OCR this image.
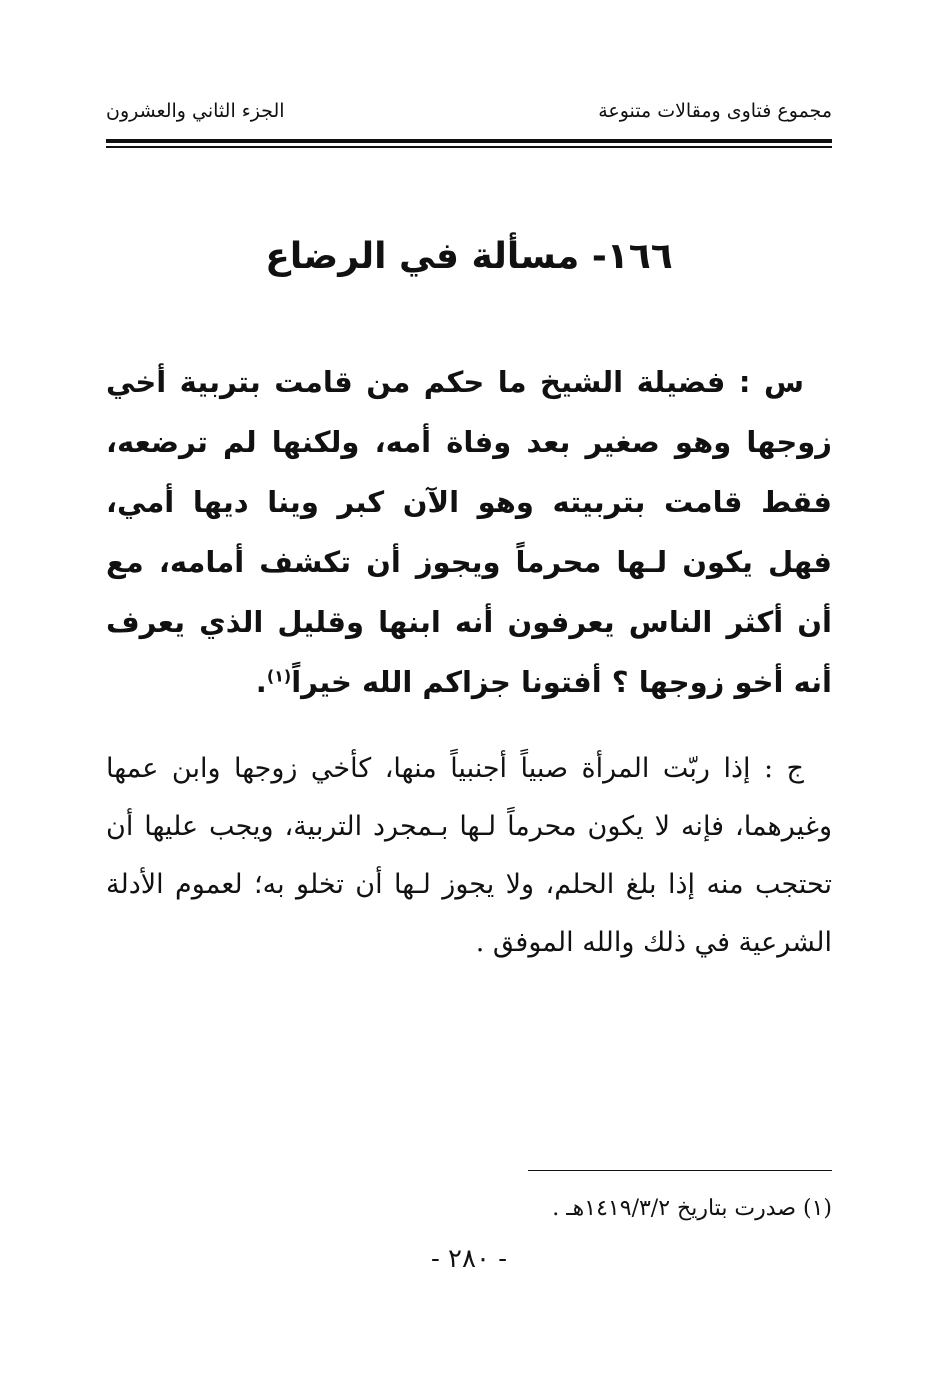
مجموع فتاوى ومقالات متنوعة
الجزء الثاني والعشرون
١٦٦- مسألة في الرضاع

س : فضيلة الشيخ ما حكم من قامت بتربية أخي زوجها وهو صغير بعد وفاة أمه، ولكنها لم ترضعه، فقط قامت بتربيته وهو الآن كبر وينا ديها أمي، فهل يكون لـها محرماً ويجوز أن تكشف أمامه، مع أن أكثر الناس يعرفون أنه ابنها وقليل الذي يعرف أنه أخو زوجها ؟ أفتونا جزاكم الله خيراً$^{(١)}$.

ج : إذا ربّت المرأة صبياً أجنبياً منها، كأخي زوجها وابن عمها وغيرهما، فإنه لا يكون محرماً لـها بـمجرد التربية، ويجب عليها أن تحتجب منه إذا بلغ الحلم، ولا يجوز لـها أن تخلو به؛ لعموم الأدلة الشرعية في ذلك والله الموفق .

(١) صدرت بتاريخ ١٤١٩/٣/٢هـ .
- ٢٨٠ -
